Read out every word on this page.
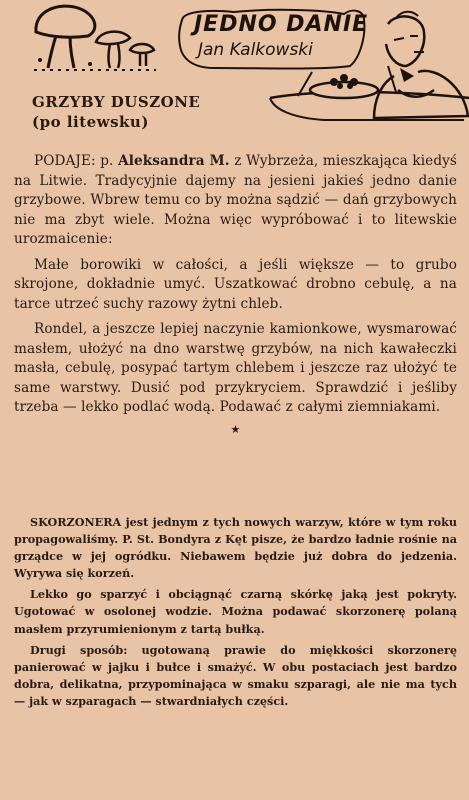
JEDNO DANIE
Jan Kalkowski
GRZYBY DUSZONE
(po litewsku)

PODAJE: p. Aleksandra M. z Wybrzeża, mieszkająca kiedyś na Litwie. Tradycyjnie dajemy na jesieni jakieś jedno danie grzybowe. Wbrew temu co by można sądzić — dań grzybowych nie ma zbyt wiele. Można więc wypróbować i to litewskie urozmaicenie:

Małe borowiki w całości, a jeśli większe — to grubo skrojone, dokładnie umyć. Uszatkować drobno cebulę, a na tarce utrzeć suchy razowy żytni chleb.

Rondel, a jeszcze lepiej naczynie kamionkowe, wysmarować masłem, ułożyć na dno warstwę grzybów, na nich kawałeczki masła, cebulę, posypać tartym chlebem i jeszcze raz ułożyć te same warstwy. Dusić pod przykryciem. Sprawdzić i jeśliby trzeba — lekko podlać wodą. Podawać z całymi ziemniakami.

★

SKORZONERA jest jednym z tych nowych warzyw, które w tym roku propagowaliśmy. P. St. Bondyra z Kęt pisze, że bardzo ładnie rośnie na grządce w jej ogródku. Niebawem będzie już dobra do jedzenia. Wyrywa się korzeń.

Lekko go sparzyć i obciągnąć czarną skórkę jaką jest pokryty. Ugotować w osolonej wodzie. Można podawać skorzonerę polaną masłem przyrumienionym z tartą bułką.

Drugi sposób: ugotowaną prawie do miękkości skorzonerę panierować w jajku i bułce i smażyć. W obu postaciach jest bardzo dobra, delikatna, przypominająca w smaku szparagi, ale nie ma tych — jak w szparagach — stwardniałych części.
